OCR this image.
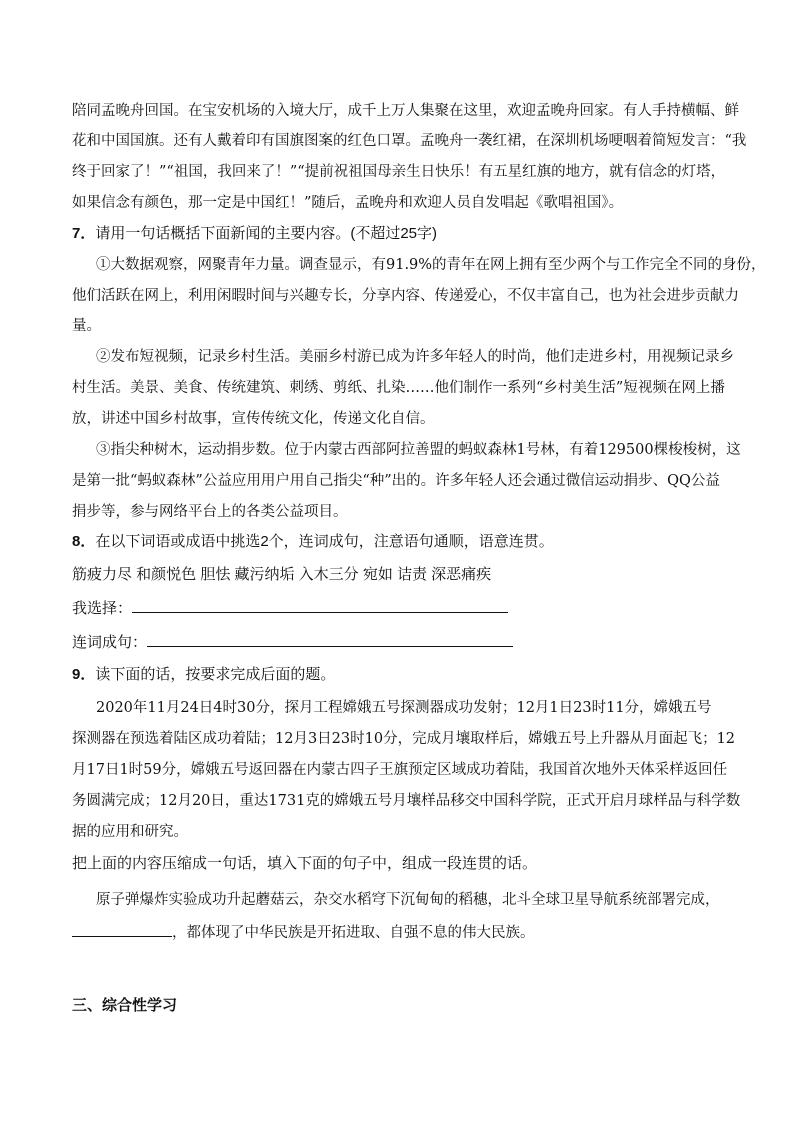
陪同孟晚舟回国。在宝安机场的入境大厅，成千上万人集聚在这里，欢迎孟晚舟回家。有人手持横幅、鲜
花和中国国旗。还有人戴着印有国旗图案的红色口罩。孟晚舟一袭红裙，在深圳机场哽咽着简短发言：“我
终于回家了！”“祖国，我回来了！”“提前祝祖国母亲生日快乐！有五星红旗的地方，就有信念的灯塔，
如果信念有颜色，那一定是中国红！”随后，孟晚舟和欢迎人员自发唱起《歌唱祖国》。
7．请用一句话概括下面新闻的主要内容。(不超过25字)
①大数据观察，网聚青年力量。调查显示，有91.9%的青年在网上拥有至少两个与工作完全不同的身份，
他们活跃在网上，利用闲暇时间与兴趣专长，分享内容、传递爱心，不仅丰富自己，也为社会进步贡献力
量。
②发布短视频，记录乡村生活。美丽乡村游已成为许多年轻人的时尚，他们走进乡村，用视频记录乡
村生活。美景、美食、传统建筑、刺绣、剪纸、扎染……他们制作一系列“乡村美生活”短视频在网上播
放，讲述中国乡村故事，宣传传统文化，传递文化自信。
③指尖种树木，运动捐步数。位于内蒙古西部阿拉善盟的蚂蚁森林1号林，有着129500棵梭梭树，这
是第一批“蚂蚁森林”公益应用用户用自己指尖“种”出的。许多年轻人还会通过微信运动捐步、QQ公益
捐步等，参与网络平台上的各类公益项目。
8．在以下词语或成语中挑选2个，连词成句，注意语句通顺，语意连贯。
筋疲力尽 和颜悦色 胆怯 藏污纳垢 入木三分 宛如 诘责 深恶痛疾
我选择：
连词成句：
9．读下面的话，按要求完成后面的题。
2020年11月24日4时30分，探月工程嫦娥五号探测器成功发射；12月1日23时11分，嫦娥五号
探测器在预选着陆区成功着陆；12月3日23时10分，完成月壤取样后，嫦娥五号上升器从月面起飞；12
月17日1时59分，嫦娥五号返回器在内蒙古四子王旗预定区域成功着陆，我国首次地外天体采样返回任
务圆满完成；12月20日，重达1731克的嫦娥五号月壤样品移交中国科学院，正式开启月球样品与科学数
据的应用和研究。
把上面的内容压缩成一句话，填入下面的句子中，组成一段连贯的话。
原子弹爆炸实验成功升起蘑菇云，杂交水稻穹下沉甸甸的稻穗，北斗全球卫星导航系统部署完成，
，都体现了中华民族是开拓进取、自强不息的伟大民族。
三、综合性学习
